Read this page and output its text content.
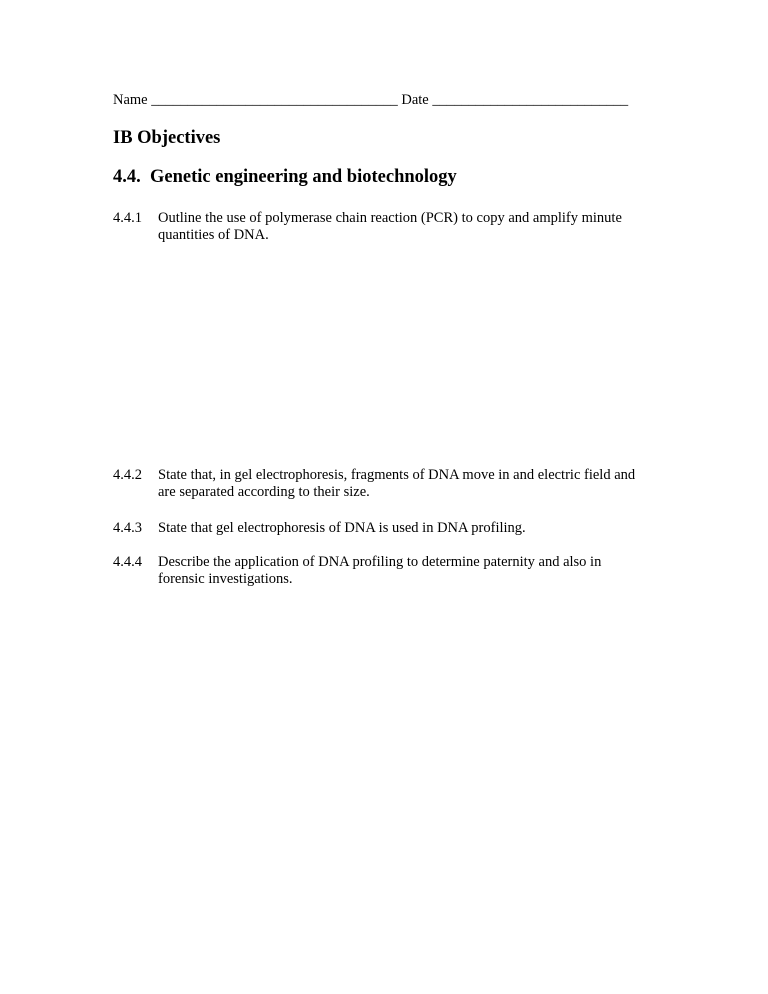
Name __________________________________ Date ___________________________
IB Objectives
4.4. Genetic engineering and biotechnology
4.4.1 Outline the use of polymerase chain reaction (PCR) to copy and amplify minute
quantities of DNA.
4.4.2 State that, in gel electrophoresis, fragments of DNA move in and electric field and
are separated according to their size.
4.4.3 State that gel electrophoresis of DNA is used in DNA profiling.
4.4.4 Describe the application of DNA profiling to determine paternity and also in
forensic investigations.
